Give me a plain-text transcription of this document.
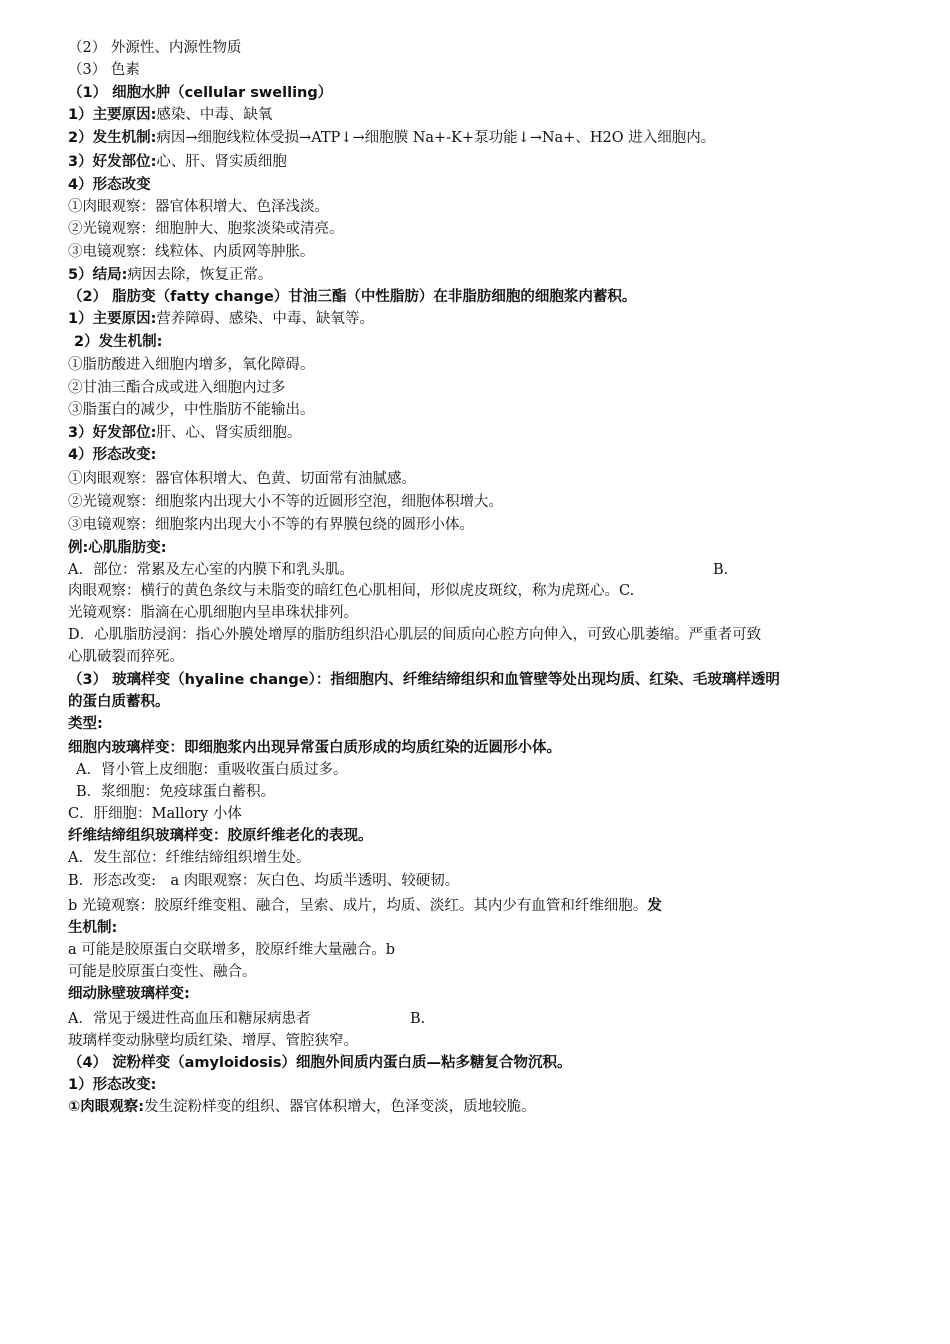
（2） 外源性、内源性物质
（3） 色素
（1） 细胞水肿（cellular swelling）
1）主要原因:感染、中毒、缺氧
2）发生机制:病因→细胞线粒体受损→ATP↓→细胞膜 Na+-K+泵功能↓→Na+、H2O 进入细胞内。
3）好发部位:心、肝、肾实质细胞
4）形态改变
①肉眼观察：器官体积增大、色泽浅淡。
②光镜观察：细胞肿大、胞浆淡染或清亮。
③电镜观察：线粒体、内质网等肿胀。
5）结局:病因去除，恢复正常。
（2） 脂肪变（fatty change）甘油三酯（中性脂肪）在非脂肪细胞的细胞浆内蓄积。
1）主要原因:营养障碍、感染、中毒、缺氧等。
2）发生机制:
①脂肪酸进入细胞内增多，氧化障碍。
②甘油三酯合成或进入细胞内过多
③脂蛋白的减少，中性脂肪不能输出。
3）好发部位:肝、心、肾实质细胞。
4）形态改变:
①肉眼观察：器官体积增大、色黄、切面常有油腻感。
②光镜观察：细胞浆内出现大小不等的近圆形空泡，细胞体积增大。
③电镜观察：细胞浆内出现大小不等的有界膜包绕的圆形小体。
例:心肌脂肪变:
A．部位：常累及左心室的内膜下和乳头肌。	B.
肉眼观察：横行的黄色条纹与未脂变的暗红色心肌相间，形似虎皮斑纹，称为虎斑心。C.
光镜观察：脂滴在心肌细胞内呈串珠状排列。
D．心肌脂肪浸润：指心外膜处增厚的脂肪组织沿心肌层的间质向心腔方向伸入，可致心肌萎缩。严重者可致
心肌破裂而猝死。
（3） 玻璃样变（hyaline change）：指细胞内、纤维结缔组织和血管壁等处出现均质、红染、毛玻璃样透明
的蛋白质蓄积。
类型:
细胞内玻璃样变：即细胞浆内出现异常蛋白质形成的均质红染的近圆形小体。
A．肾小管上皮细胞：重吸收蛋白质过多。
B．浆细胞：免疫球蛋白蓄积。
C．肝细胞：Mallory 小体
纤维结缔组织玻璃样变：胶原纤维老化的表现。
A．发生部位：纤维结缔组织增生处。
B．形态改变:　a 肉眼观察：灰白色、均质半透明、较硬韧。
b 光镜观察：胶原纤维变粗、融合，呈索、成片，均质、淡红。其内少有血管和纤维细胞。发
生机制:
a 可能是胶原蛋白交联增多，胶原纤维大量融合。b
可能是胶原蛋白变性、融合。
细动脉壁玻璃样变:
A．常见于缓进性高血压和糖尿病患者	B.
玻璃样变动脉壁均质红染、增厚、管腔狭窄。
（4） 淀粉样变（amyloidosis）细胞外间质内蛋白质—粘多糖复合物沉积。
1）形态改变:
①肉眼观察:发生淀粉样变的组织、器官体积增大，色泽变淡，质地较脆。
